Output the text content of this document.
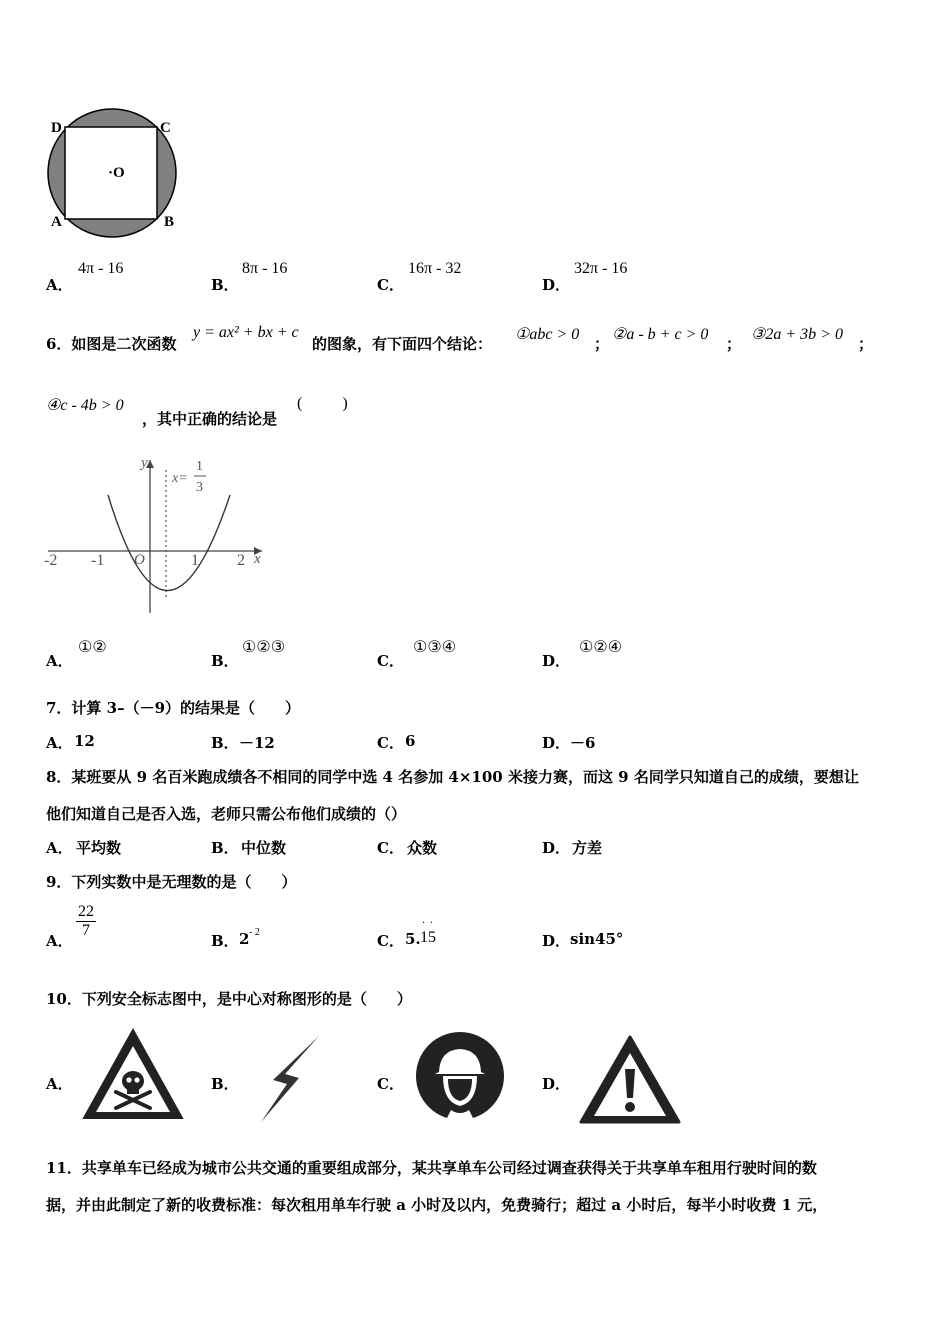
D	C
A	B
·O
A．
4π - 16
B．
8π - 16
C．
16π - 32
D．
32π - 16
6．如图是二次函数
y = ax² + bx + c
的图象，有下面四个结论：
①abc > 0
；
②a - b + c > 0
；
③2a + 3b > 0
；
④c - 4b > 0
，其中正确的结论是
(          )
y
x
O
-2 -1	1 2
x=
1
3
A．
①②
B．
①②③
C．
①③④
D．
①②④
7．计算 3–（－9）的结果是（　　）
A． 12	B． －12	C． 6	D． －6
8．某班要从 9 名百米跑成绩各不相同的同学中选 4 名参加 4×100 米接力赛，而这 9 名同学只知道自己的成绩，要想让
他们知道自己是否入选，老师只需公布他们成绩的（）
A． 平均数	B． 中位数	C． 众数	D． 方差
9．下列实数中是无理数的是（　　）
A．
$\frac{22}{7}$
B． 2 - 2	C． 5. 15
· ·
D． sin45°
10．下列安全标志图中，是中心对称图形的是（　　）
A．	B．	C．	D．
11．共享单车已经成为城市公共交通的重要组成部分，某共享单车公司经过调查获得关于共享单车租用行驶时间的数
据，并由此制定了新的收费标准：每次租用单车行驶 a 小时及以内，免费骑行；超过 a 小时后，每半小时收费 1 元，
